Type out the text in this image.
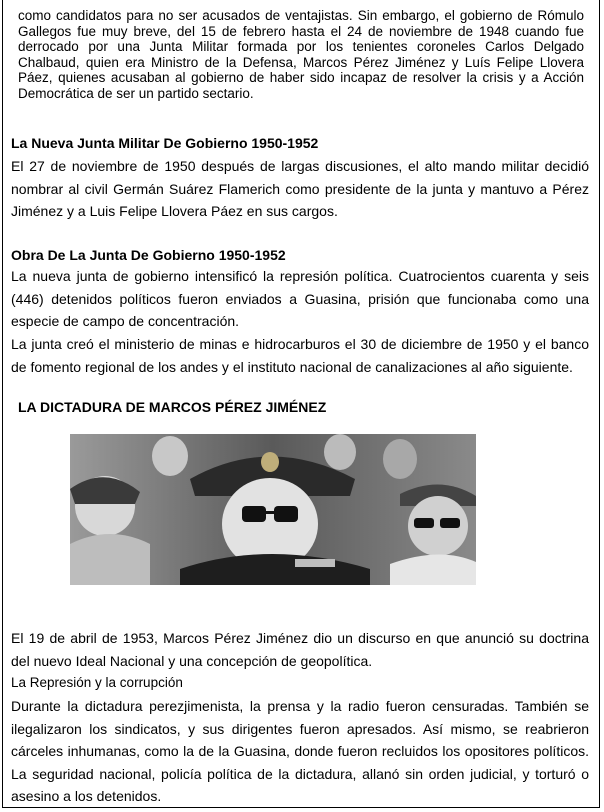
como candidatos para no ser acusados de ventajistas. Sin embargo, el gobierno de Rómulo Gallegos fue muy breve, del 15 de febrero hasta el 24 de noviembre de 1948 cuando fue derrocado por una Junta Militar formada por los tenientes coroneles Carlos Delgado Chalbaud, quien era Ministro de la Defensa, Marcos Pérez Jiménez y Luís Felipe Llovera Páez, quienes acusaban al gobierno de haber sido incapaz de resolver la crisis y a Acción Democrática de ser un partido sectario.

La Nueva Junta Militar De Gobierno 1950-1952

El 27 de noviembre de 1950 después de largas discusiones, el alto mando militar decidió nombrar al civil Germán Suárez Flamerich como presidente de la junta y mantuvo a Pérez Jiménez y a Luis Felipe Llovera Páez en sus cargos.

Obra De La Junta De Gobierno 1950-1952

La nueva junta de gobierno intensificó la represión política. Cuatrocientos cuarenta y seis (446) detenidos políticos fueron enviados a Guasina, prisión que funcionaba como una especie de campo de concentración.

La junta creó el ministerio de minas e hidrocarburos el 30 de diciembre de 1950 y el banco de fomento regional de los andes y el instituto nacional de canalizaciones al año siguiente.

LA DICTADURA DE MARCOS PÉREZ JIMÉNEZ

El 19 de abril de 1953, Marcos Pérez Jiménez dio un discurso en que anunció su doctrina del nuevo Ideal Nacional y una concepción de geopolítica.

La Represión y la corrupción

Durante la dictadura perezjimenista, la prensa y la radio fueron censuradas. También se ilegalizaron los sindicatos, y sus dirigentes fueron apresados. Así mismo, se reabrieron cárceles inhumanas, como la de la Guasina, donde fueron recluidos los opositores políticos. La seguridad nacional, policía política de la dictadura, allanó sin orden judicial, y torturó o asesino a los detenidos.
